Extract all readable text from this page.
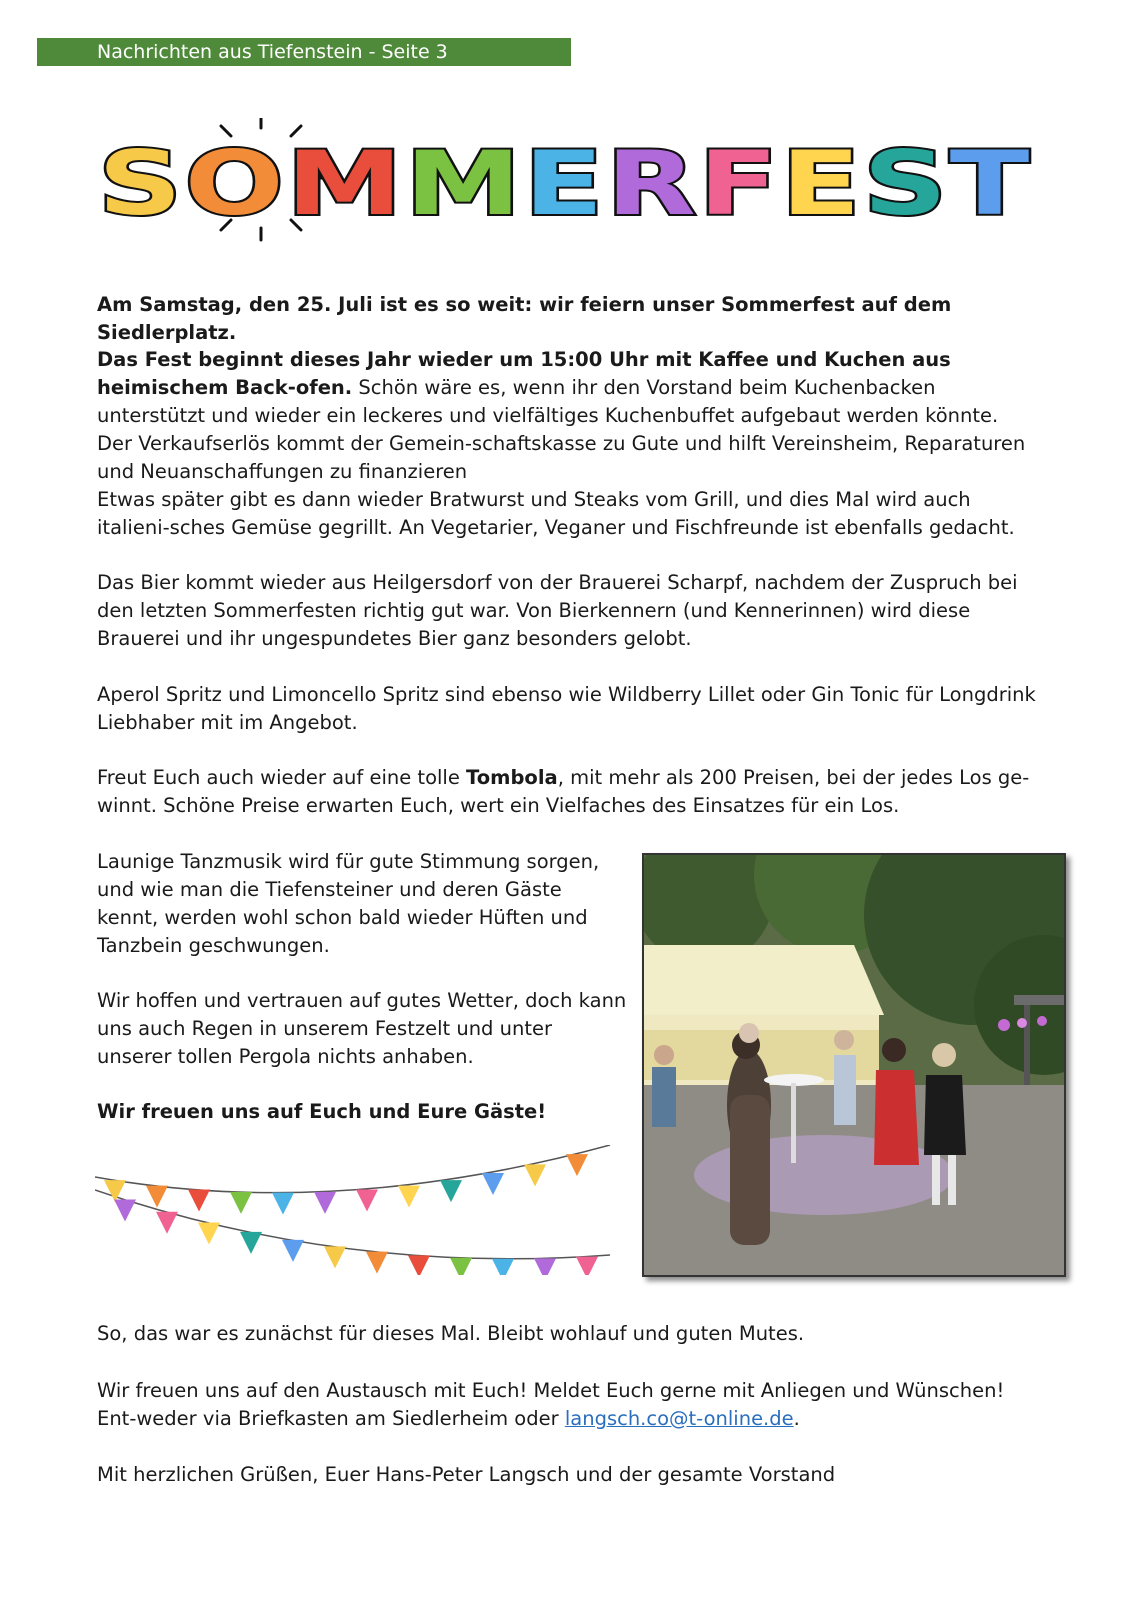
Nachrichten aus Tiefenstein - Seite 3
S O M M E R F E S T

Am Samstag, den 25. Juli ist es so weit: wir feiern unser Sommerfest auf dem Siedlerplatz.

Das Fest beginnt dieses Jahr wieder um 15:00 Uhr mit Kaffee und Kuchen aus heimischem Back-ofen. Schön wäre es, wenn ihr den Vorstand beim Kuchenbacken unterstützt und wieder ein leckeres und vielfältiges Kuchenbuffet aufgebaut werden könnte. Der Verkaufserlös kommt der Gemein-schaftskasse zu Gute und hilft Vereinsheim, Reparaturen und Neuanschaffungen zu finanzieren

Etwas später gibt es dann wieder Bratwurst und Steaks vom Grill, und dies Mal wird auch italieni-sches Gemüse gegrillt. An Vegetarier, Veganer und Fischfreunde ist ebenfalls gedacht.

Das Bier kommt wieder aus Heilgersdorf von der Brauerei Scharpf, nachdem der Zuspruch bei den letzten Sommerfesten richtig gut war. Von Bierkennern (und Kennerinnen) wird diese Brauerei und ihr ungespundetes Bier ganz besonders gelobt.

Aperol Spritz und Limoncello Spritz sind ebenso wie Wildberry Lillet oder Gin Tonic für Longdrink Liebhaber mit im Angebot.

Freut Euch auch wieder auf eine tolle Tombola, mit mehr als 200 Preisen, bei der jedes Los ge-winnt. Schöne Preise erwarten Euch, wert ein Vielfaches des Einsatzes für ein Los.

Launige Tanzmusik wird für gute Stimmung sorgen, und wie man die Tiefensteiner und deren Gäste kennt, werden wohl schon bald wieder Hüften und Tanzbein geschwungen.

Wir hoffen und vertrauen auf gutes Wetter, doch kann uns auch Regen in unserem Festzelt und unter unserer tollen Pergola nichts anhaben.

Wir freuen uns auf Euch und Eure Gäste!

So, das war es zunächst für dieses Mal. Bleibt wohlauf und guten Mutes.

Wir freuen uns auf den Austausch mit Euch! Meldet Euch gerne mit Anliegen und Wünschen! Ent-weder via Briefkasten am Siedlerheim oder langsch.co@t-online.de.

Mit herzlichen Grüßen, Euer Hans-Peter Langsch und der gesamte Vorstand
